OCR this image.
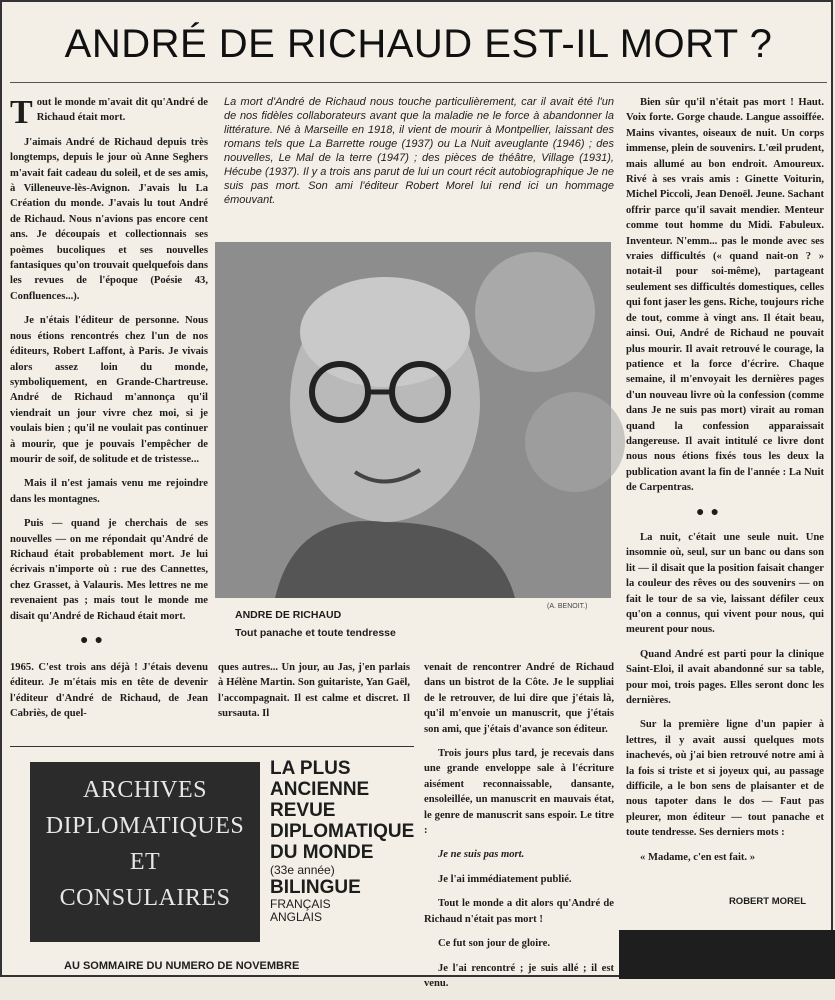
ANDRÉ DE RICHAUD EST-IL MORT ?
La mort d'André de Richaud nous touche particulièrement, car il avait été l'un de nos fidèles collaborateurs avant que la maladie ne le force à abandonner la littérature. Né à Marseille en 1918, il vient de mourir à Montpellier, laissant des romans tels que La Barrette rouge (1937) ou La Nuit aveuglante (1946) ; des nouvelles, Le Mal de la terre (1947) ; des pièces de théâtre, Village (1931), Hécube (1937). Il y a trois ans parut de lui un court récit autobiographique Je ne suis pas mort. Son ami l'éditeur Robert Morel lui rend ici un hommage émouvant.

Tout le monde m'avait dit qu'André de Richaud était mort.

J'aimais André de Richaud depuis très longtemps, depuis le jour où Anne Seghers m'avait fait cadeau du soleil, et de ses amis, à Villeneuve-lès-Avignon. J'avais lu La Création du monde. J'avais lu tout André de Richaud. Nous n'avions pas encore cent ans. Je découpais et collectionnais ses poèmes bucoliques et ses nouvelles fantasiques qu'on trouvait quelquefois dans les revues de l'époque (Poésie 43, Confluences...).

Je n'étais l'éditeur de personne. Nous nous étions rencontrés chez l'un de nos éditeurs, Robert Laffont, à Paris. Je vivais alors assez loin du monde, symboliquement, en Grande-Chartreuse. André de Richaud m'annonça qu'il viendrait un jour vivre chez moi, si je voulais bien ; qu'il ne voulait pas continuer à mourir, que je pouvais l'empêcher de mourir de soif, de solitude et de tristesse...

Mais il n'est jamais venu me rejoindre dans les montagnes.

Puis — quand je cherchais de ses nouvelles — on me répondait qu'André de Richaud était probablement mort. Je lui écrivais n'importe où : rue des Cannettes, chez Grasset, à Valauris. Mes lettres ne me revenaient pas ; mais tout le monde me disait qu'André de Richaud était mort.

●●

1965. C'est trois ans déjà ! J'étais devenu éditeur. Je m'étais mis en tête de devenir l'éditeur d'André de Richaud, de Jean Cabriès, de quel-

ANDRE DE RICHAUD
Tout panache et toute tendresse
(A. BENOIT.)

ques autres... Un jour, au Jas, j'en parlais à Hélène Martin. Son guitariste, Yan Gaël, l'accompagnait. Il est calme et discret. Il sursauta. Il

venait de rencontrer André de Richaud dans un bistrot de la Côte. Je le suppliai de le retrouver, de lui dire que j'étais là, qu'il m'envoie un manuscrit, que j'étais son ami, que j'étais d'avance son éditeur.

Trois jours plus tard, je recevais dans une grande enveloppe sale à l'écriture aisément reconnaissable, dansante, ensoleillée, un manuscrit en mauvais état, le genre de manuscrit sans espoir. Le titre :

Je ne suis pas mort.

Je l'ai immédiatement publié.

Tout le monde a dit alors qu'André de Richaud n'était pas mort !

Ce fut son jour de gloire.

Je l'ai rencontré ; je suis allé ; il est venu.

Bien sûr qu'il n'était pas mort ! Haut. Voix forte. Gorge chaude. Langue assoiffée. Mains vivantes, oiseaux de nuit. Un corps immense, plein de souvenirs. L'œil prudent, mais allumé au bon endroit. Amoureux. Rivé à ses vrais amis : Ginette Voiturin, Michel Piccoli, Jean Denoël. Jeune. Sachant offrir parce qu'il savait mendier. Menteur comme tout homme du Midi. Fabuleux. Inventeur. N'emm... pas le monde avec ses vraies difficultés (« quand nait-on ? » notait-il pour soi-même), partageant seulement ses difficultés domestiques, celles qui font jaser les gens. Riche, toujours riche de tout, comme à vingt ans. Il était beau, ainsi. Oui, André de Richaud ne pouvait plus mourir. Il avait retrouvé le courage, la patience et la force d'écrire. Chaque semaine, il m'envoyait les dernières pages d'un nouveau livre où la confession (comme dans Je ne suis pas mort) virait au roman quand la confession apparaissait dangereuse. Il avait intitulé ce livre dont nous nous étions fixés tous les deux la publication avant la fin de l'année : La Nuit de Carpentras.

●●

La nuit, c'était une seule nuit. Une insomnie où, seul, sur un banc ou dans son lit — il disait que la position faisait changer la couleur des rêves ou des souvenirs — on fait le tour de sa vie, laissant défiler ceux qu'on a connus, qui vivent pour nous, qui meurent pour nous.

Quand André est parti pour la clinique Saint-Eloi, il avait abandonné sur sa table, pour moi, trois pages. Elles seront donc les dernières.

Sur la première ligne d'un papier à lettres, il y avait aussi quelques mots inachevés, où j'ai bien retrouvé notre ami à la fois si triste et si joyeux qui, au passage difficile, a le bon sens de plaisanter et de nous tapoter dans le dos — Faut pas pleurer, mon éditeur — tout panache et toute tendresse. Ses derniers mots :

« Madame, c'en est fait. »

ROBERT MOREL
ARCHIVES
DIPLOMATIQUES
ET
CONSULAIRES
LA PLUS
ANCIENNE
REVUE
DIPLOMATIQUE
DU MONDE
(33e année)
BILINGUE
FRANÇAIS
ANGLAIS
AU SOMMAIRE DU NUMERO DE NOVEMBRE
